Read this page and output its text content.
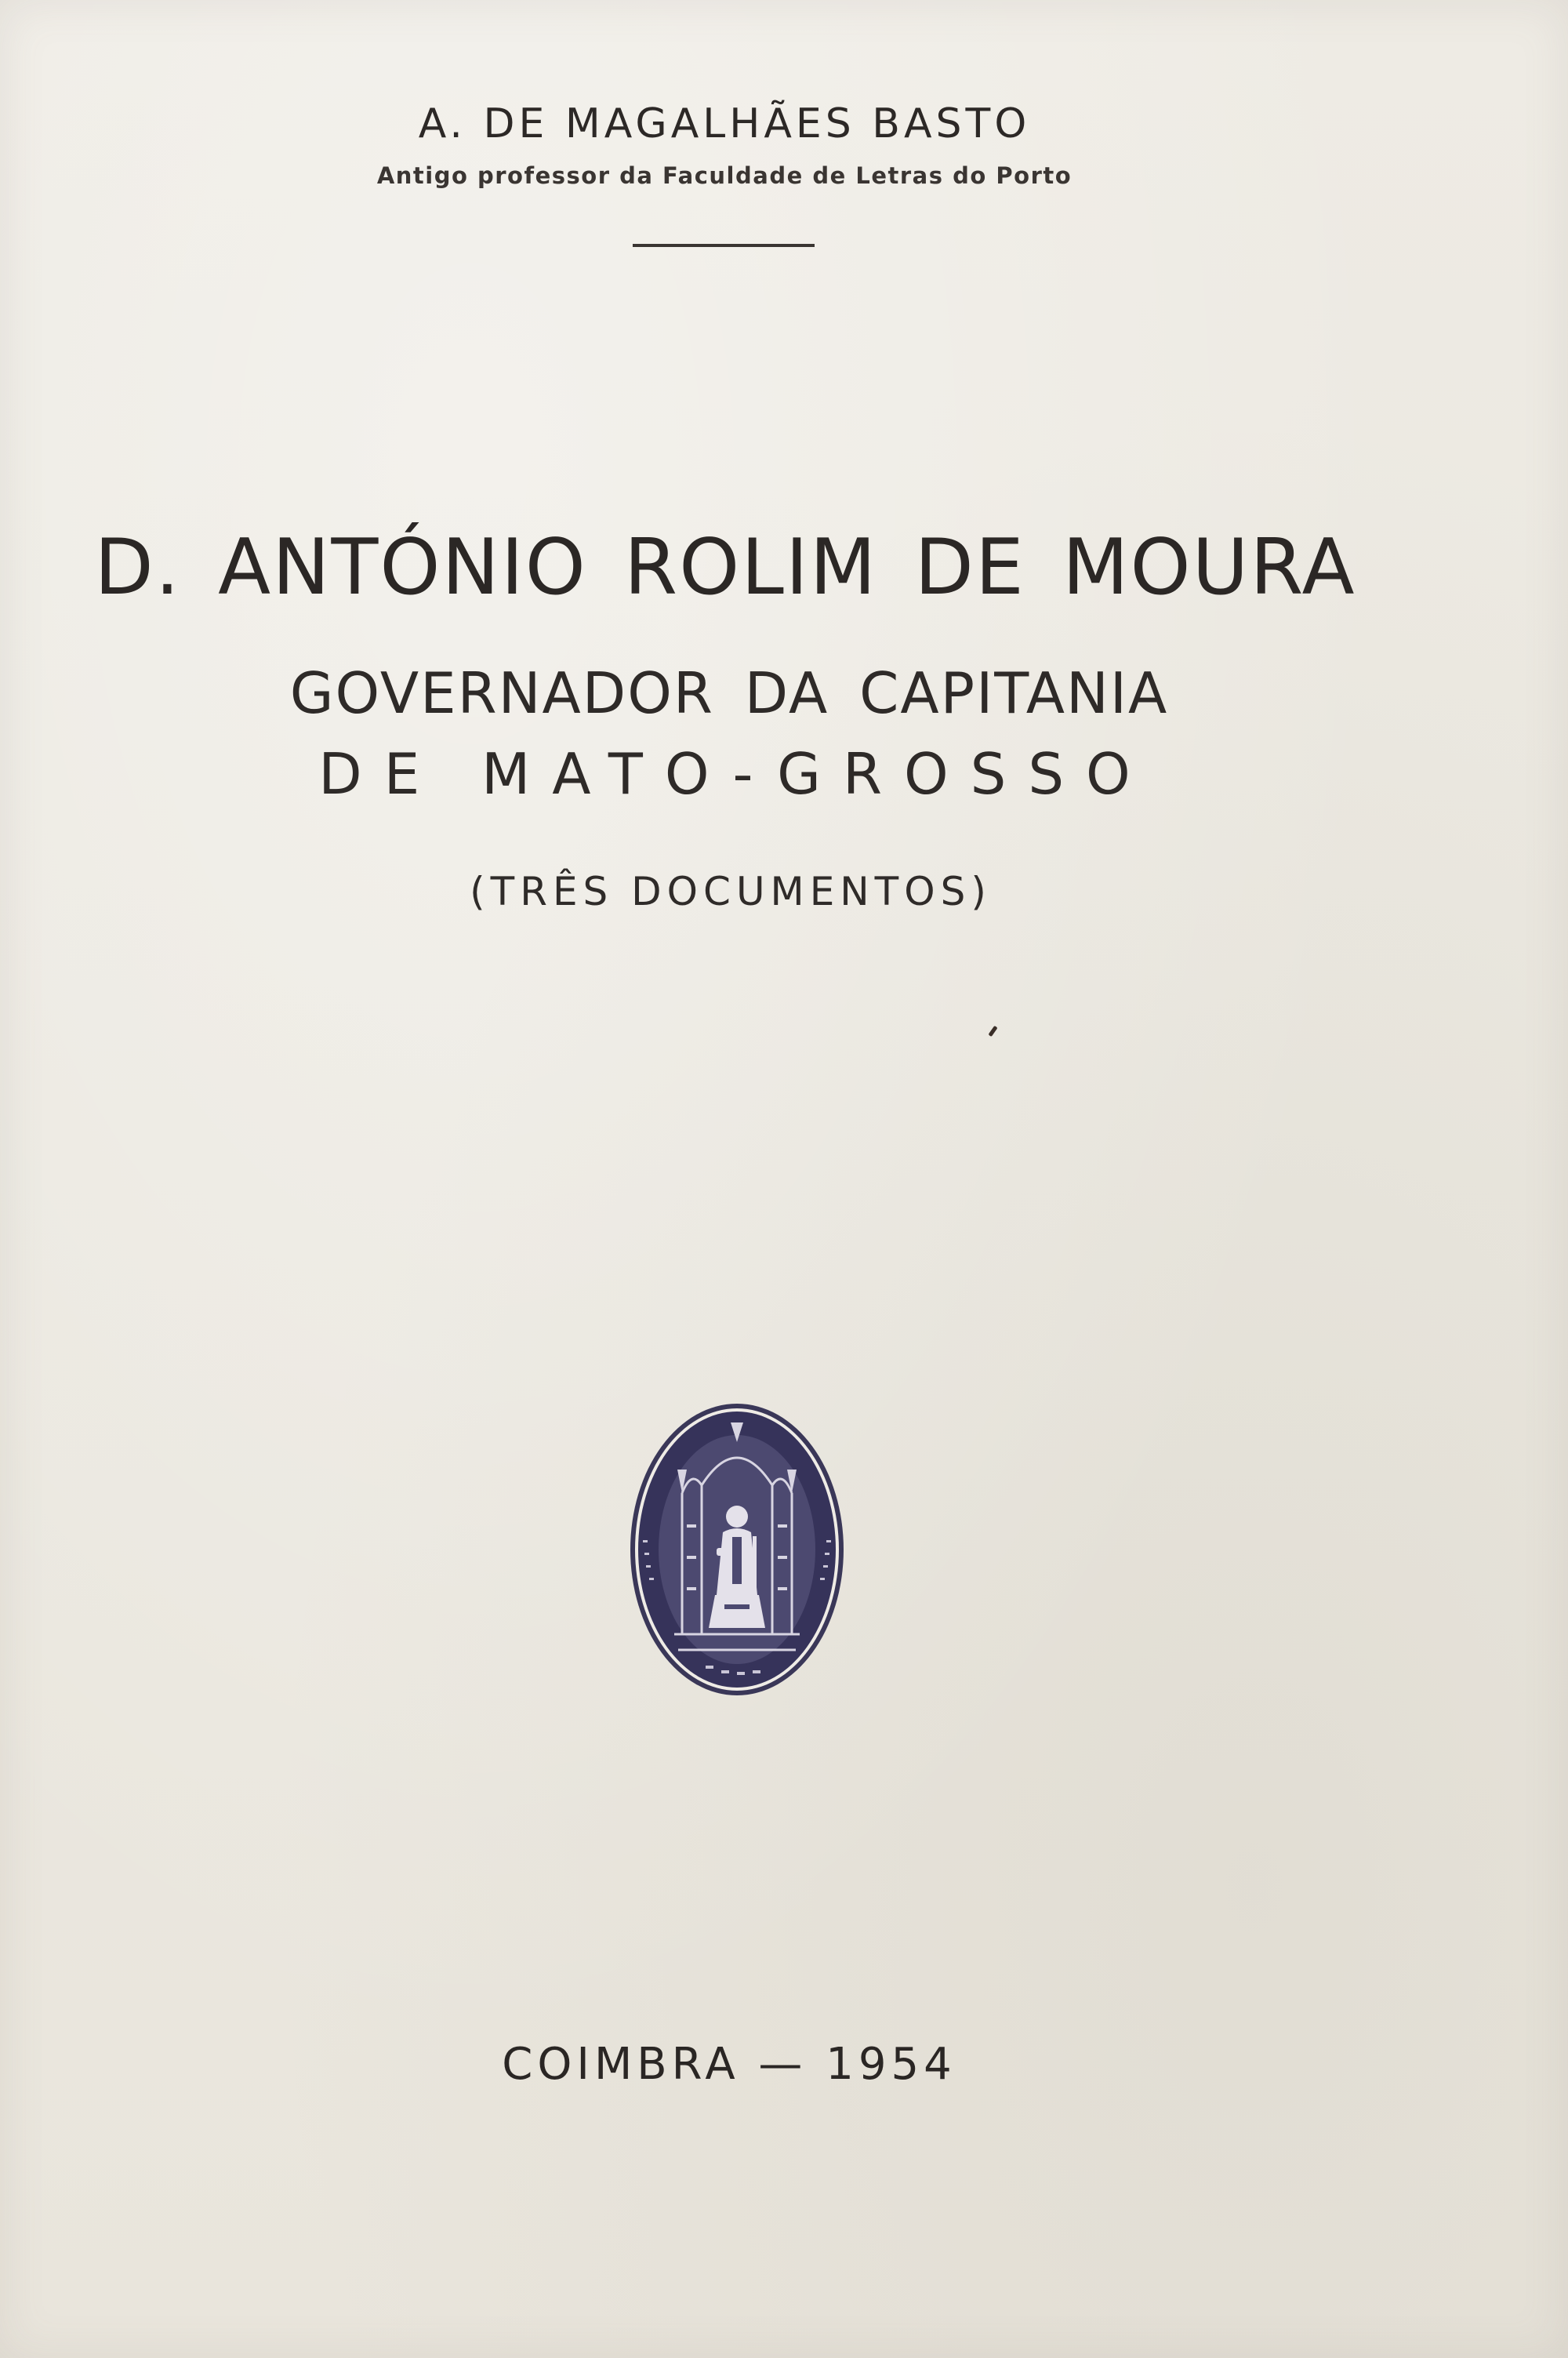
A. DE MAGALHÃES BASTO
Antigo professor da Faculdade de Letras do Porto
D. ANTÓNIO ROLIM DE MOURA
GOVERNADOR DA CAPITANIA
DE MATO-GROSSO
(TRÊS DOCUMENTOS)
COIMBRA — 1954
